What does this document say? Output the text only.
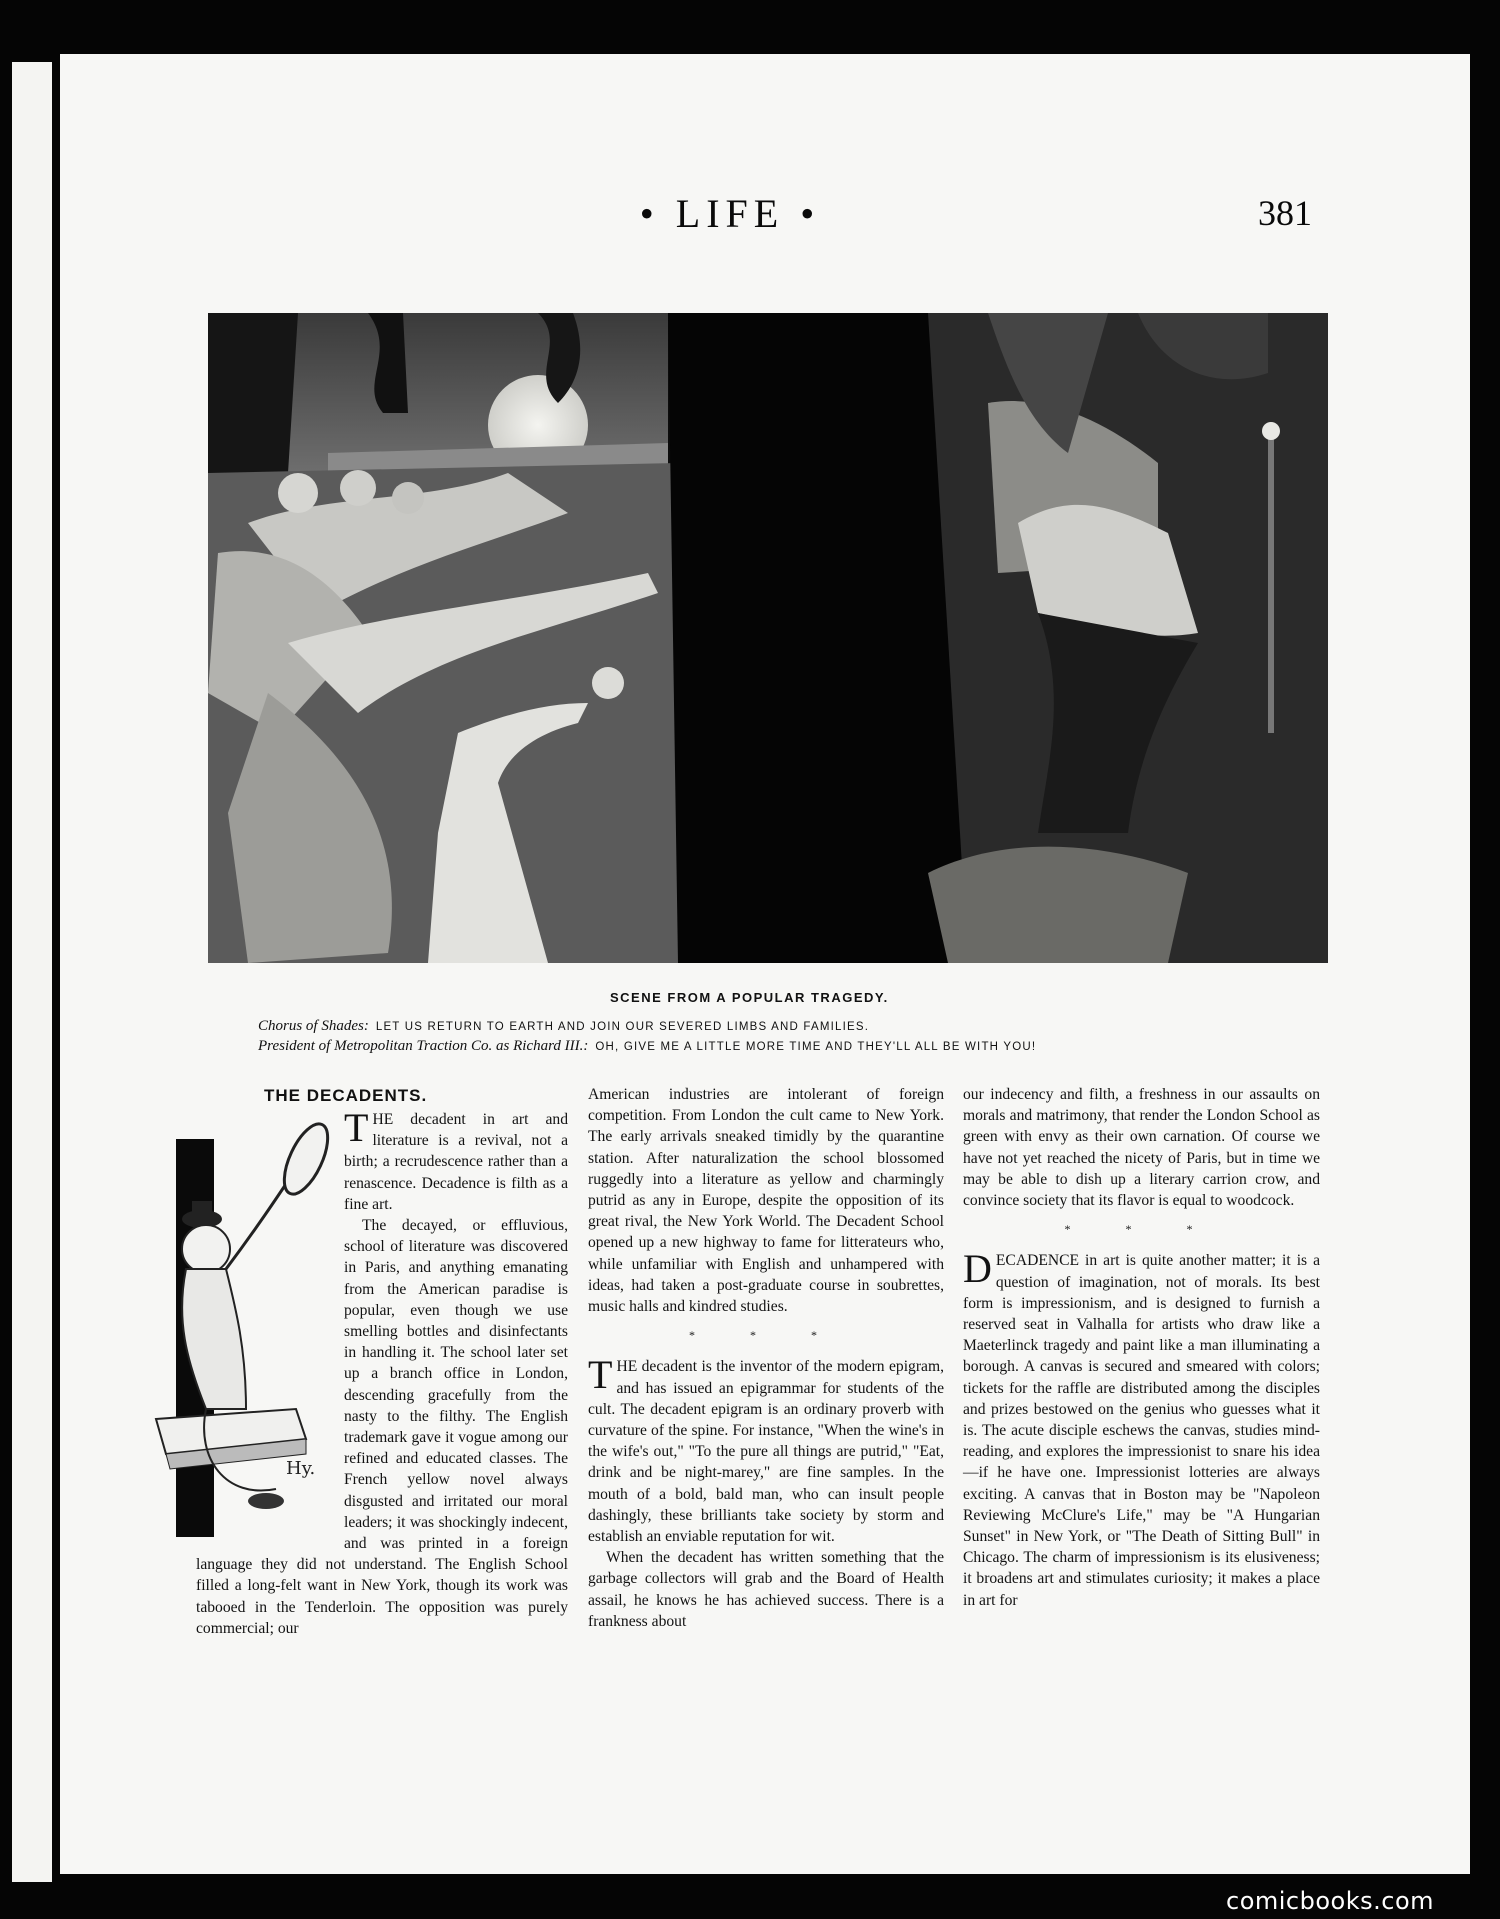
• LIFE •	381
SCENE FROM A POPULAR TRAGEDY.
Chorus of Shades: LET US RETURN TO EARTH AND JOIN OUR SEVERED LIMBS AND FAMILIES.
President of Metropolitan Traction Co. as Richard III.: OH, GIVE ME A LITTLE MORE TIME AND THEY'LL ALL BE WITH YOU!
THE DECADENTS.
Hy.

THE decadent in art and literature is a revival, not a birth; a recrudescence rather than a renascence. Decadence is filth as a fine art.

The decayed, or effluvious, school of literature was discovered in Paris, and anything emanating from the American paradise is popular, even though we use smelling bottles and disinfectants in handling it. The school later set up a branch office in London, descending gracefully from the nasty to the filthy. The English trademark gave it vogue among our refined and educated classes. The French yellow novel always disgusted and irritated our moral leaders; it was shockingly indecent, and was printed in a foreign language they did not understand. The English School filled a long-felt want in New York, though its work was tabooed in the Tenderloin. The opposition was purely commercial; our

American industries are intolerant of foreign competition. From London the cult came to New York. The early arrivals sneaked timidly by the quarantine station. After naturalization the school blossomed ruggedly into a literature as yellow and charmingly putrid as any in Europe, despite the opposition of its great rival, the New York World. The Decadent School opened up a new highway to fame for litterateurs who, while unfamiliar with English and unhampered with ideas, had taken a post-graduate course in soubrettes, music halls and kindred studies.

* * *

THE decadent is the inventor of the modern epigram, and has issued an epigrammar for students of the cult. The decadent epigram is an ordinary proverb with curvature of the spine. For instance, "When the wine's in the wife's out," "To the pure all things are putrid," "Eat, drink and be night-marey," are fine samples. In the mouth of a bold, bald man, who can insult people dashingly, these brilliants take society by storm and establish an enviable reputation for wit.

When the decadent has written something that the garbage collectors will grab and the Board of Health assail, he knows he has achieved success. There is a frankness about

our indecency and filth, a freshness in our assaults on morals and matrimony, that render the London School as green with envy as their own carnation. Of course we have not yet reached the nicety of Paris, but in time we may be able to dish up a literary carrion crow, and convince society that its flavor is equal to woodcock.

* * *

DECADENCE in art is quite another matter; it is a question of imagination, not of morals. Its best form is impressionism, and is designed to furnish a reserved seat in Valhalla for artists who draw like a Maeterlinck tragedy and paint like a man illuminating a borough. A canvas is secured and smeared with colors; tickets for the raffle are distributed among the disciples and prizes bestowed on the genius who guesses what it is. The acute disciple eschews the canvas, studies mind-reading, and explores the impressionist to snare his idea—if he have one. Impressionist lotteries are always exciting. A canvas that in Boston may be "Napoleon Reviewing McClure's Life," may be "A Hungarian Sunset" in New York, or "The Death of Sitting Bull" in Chicago. The charm of impressionism is its elusiveness; it broadens art and stimulates curiosity; it makes a place in art for

comicbooks.com
